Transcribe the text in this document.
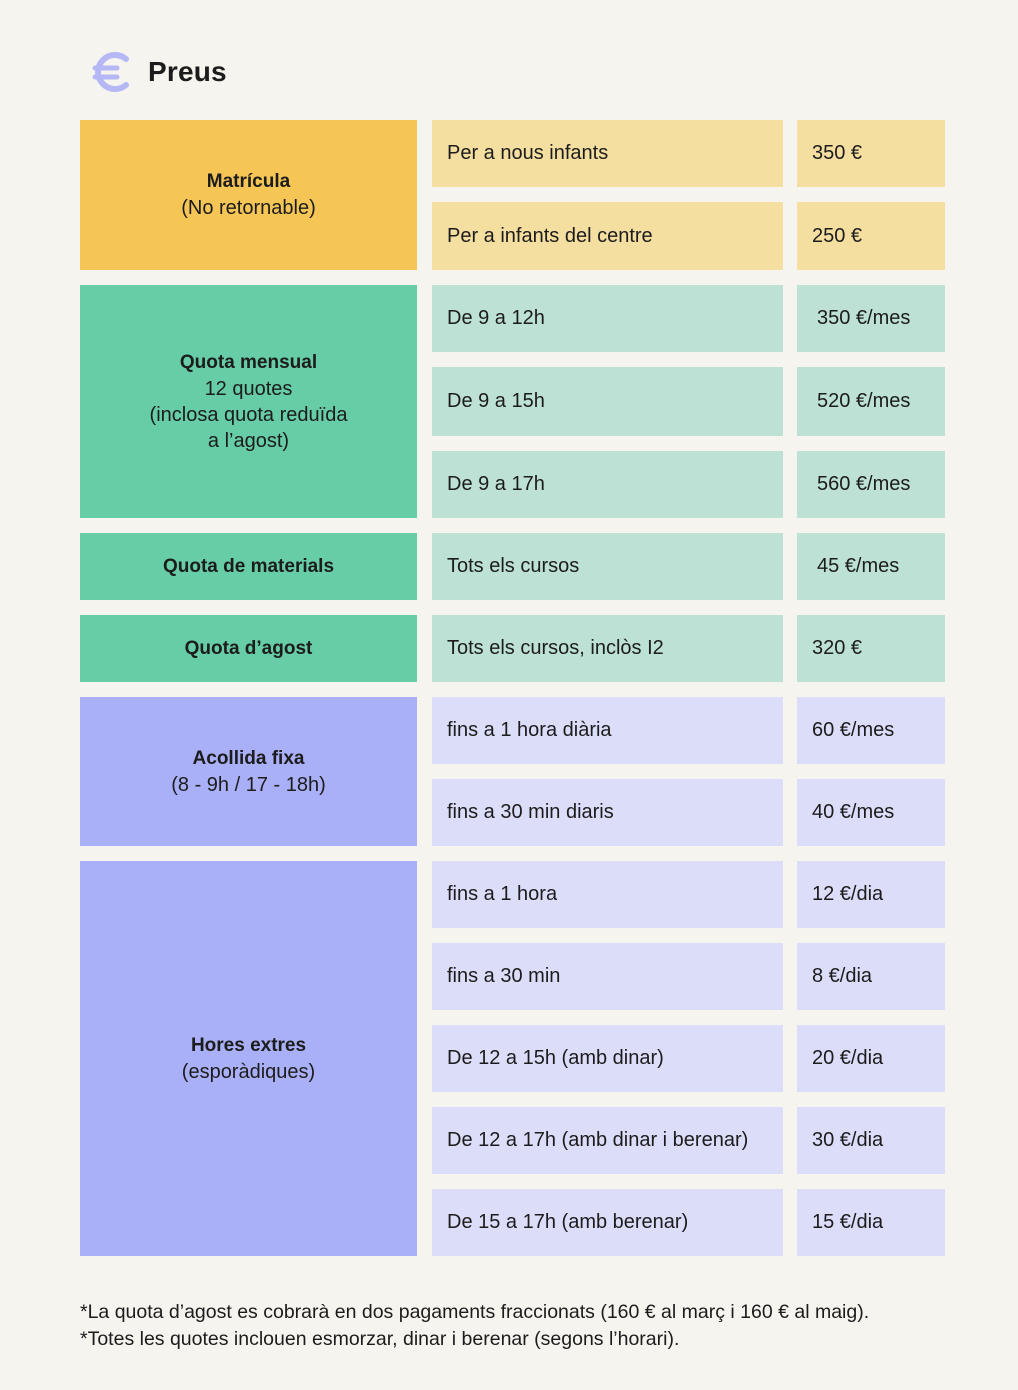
Preus
Matrícula
(No retornable)
Per a nous infants	350 €
Per a infants del centre	250 €
Quota mensual
12 quotes
(inclosa quota reduïda
a l’agost)
De 9 a 12h	350 €/mes
De 9 a 15h	520 €/mes
De 9 a 17h	560 €/mes
Quota de materials	Tots els cursos	45 €/mes
Quota d’agost	Tots els cursos, inclòs I2	320 €
Acollida fixa
(8 - 9h / 17 - 18h)
fins a 1 hora diària	60 €/mes
fins a 30 min diaris	40 €/mes
Hores extres
(esporàdiques)
fins a 1 hora	12 €/dia
fins a 30 min	8 €/dia
De 12 a 15h (amb dinar)	20 €/dia
De 12 a 17h (amb dinar i berenar)	30 €/dia
De 15 a 17h (amb berenar)	15 €/dia
*La quota d’agost es cobrarà en dos pagaments fraccionats (160 € al març i 160 € al maig).
*Totes les quotes inclouen esmorzar, dinar i berenar (segons l’horari).
